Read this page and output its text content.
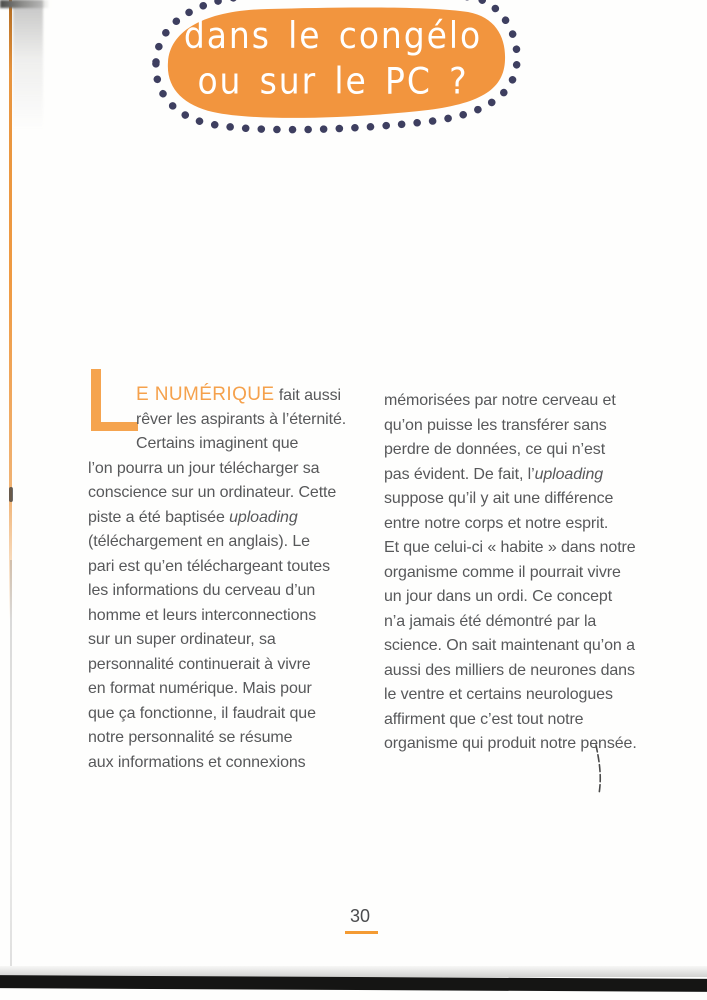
dans le congélo
ou sur le PC ?
E NUMÉRIQUE fait aussi
rêver les aspirants à l’éternité.
Certains imaginent que
l’on pourra un jour télécharger sa
conscience sur un ordinateur. Cette
piste a été baptisée uploading
(téléchargement en anglais). Le
pari est qu’en téléchargeant toutes
les informations du cerveau d’un
homme et leurs interconnections
sur un super ordinateur, sa
personnalité continuerait à vivre
en format numérique. Mais pour
que ça fonctionne, il faudrait que
notre personnalité se résume
aux informations et connexions
mémorisées par notre cerveau et
qu’on puisse les transférer sans
perdre de données, ce qui n’est
pas évident. De fait, l’uploading
suppose qu’il y ait une différence
entre notre corps et notre esprit.
Et que celui-ci « habite » dans notre
organisme comme il pourrait vivre
un jour dans un ordi. Ce concept
n’a jamais été démontré par la
science. On sait maintenant qu’on a
aussi des milliers de neurones dans
le ventre et certains neurologues
affirment que c’est tout notre
organisme qui produit notre pensée.
30
